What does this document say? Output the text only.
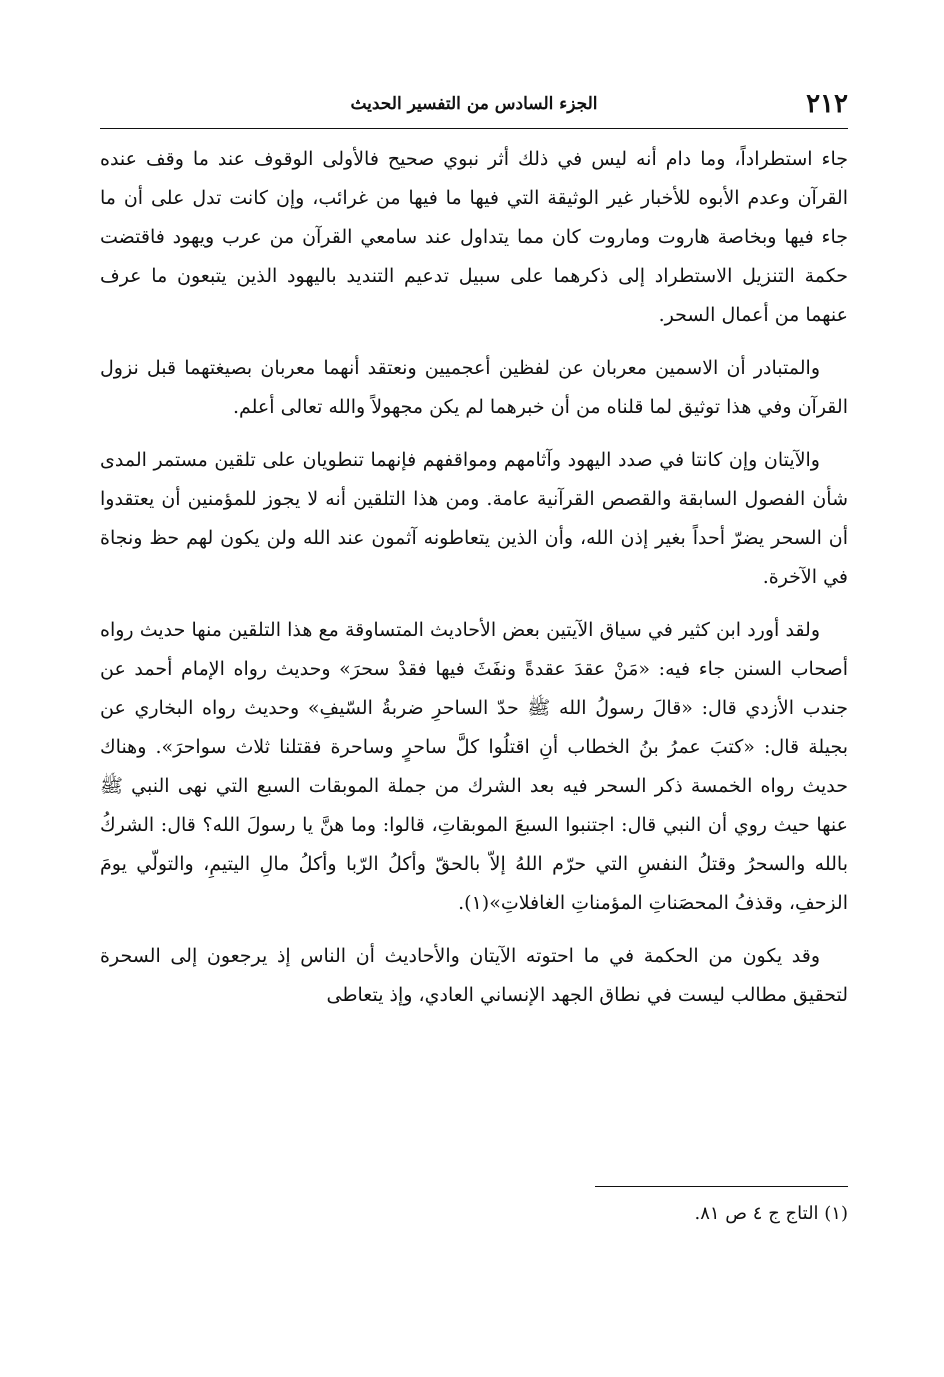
٢١٢
الجزء السادس من التفسير الحديث

جاء استطراداً، وما دام أنه ليس في ذلك أثر نبوي صحيح فالأولى الوقوف عند ما وقف عنده القرآن وعدم الأبوه للأخبار غير الوثيقة التي فيها ما فيها من غرائب، وإن كانت تدل على أن ما جاء فيها وبخاصة هاروت وماروت كان مما يتداول عند سامعي القرآن من عرب ويهود فاقتضت حكمة التنزيل الاستطراد إلى ذكرهما على سبيل تدعيم التنديد باليهود الذين يتبعون ما عرف عنهما من أعمال السحر.

والمتبادر أن الاسمين معربان عن لفظين أعجميين ونعتقد أنهما معربان بصيغتهما قبل نزول القرآن وفي هذا توثيق لما قلناه من أن خبرهما لم يكن مجهولاً والله تعالى أعلم.

والآيتان وإن كانتا في صدد اليهود وآثامهم ومواقفهم فإنهما تنطويان على تلقين مستمر المدى شأن الفصول السابقة والقصص القرآنية عامة. ومن هذا التلقين أنه لا يجوز للمؤمنين أن يعتقدوا أن السحر يضرّ أحداً بغير إذن الله، وأن الذين يتعاطونه آثمون عند الله ولن يكون لهم حظ ونجاة في الآخرة.

ولقد أورد ابن كثير في سياق الآيتين بعض الأحاديث المتساوقة مع هذا التلقين منها حديث رواه أصحاب السنن جاء فيه: «مَنْ عقدَ عقدةً ونفَثَ فيها فقدْ سحرَ» وحديث رواه الإمام أحمد عن جندب الأزدي قال: «قالَ رسولُ الله ﷺ حدّ الساحرِ ضربةُ السّيفِ» وحديث رواه البخاري عن بجيلة قال: «كتبَ عمرُ بنُ الخطاب أنِ اقتلُوا كلَّ ساحرٍ وساحرة فقتلنا ثلاث سواحرَ». وهناك حديث رواه الخمسة ذكر السحر فيه بعد الشرك من جملة الموبقات السبع التي نهى النبي ﷺ عنها حيث روي أن النبي قال: اجتنبوا السبعَ الموبقاتِ، قالوا: وما هنَّ يا رسولَ الله؟ قال: الشركُ بالله والسحرُ وقتلُ النفسِ التي حرّم اللهُ إلاّ بالحقّ وأكلُ الرّبا وأكلُ مالِ اليتيمِ، والتولّي يومَ الزحفِ، وقذفُ المحصَناتِ المؤمناتِ الغافلاتِ»(١).

وقد يكون من الحكمة في ما احتوته الآيتان والأحاديث أن الناس إذ يرجعون إلى السحرة لتحقيق مطالب ليست في نطاق الجهد الإنساني العادي، وإذ يتعاطى

(١) التاج ج ٤ ص ٨١.
